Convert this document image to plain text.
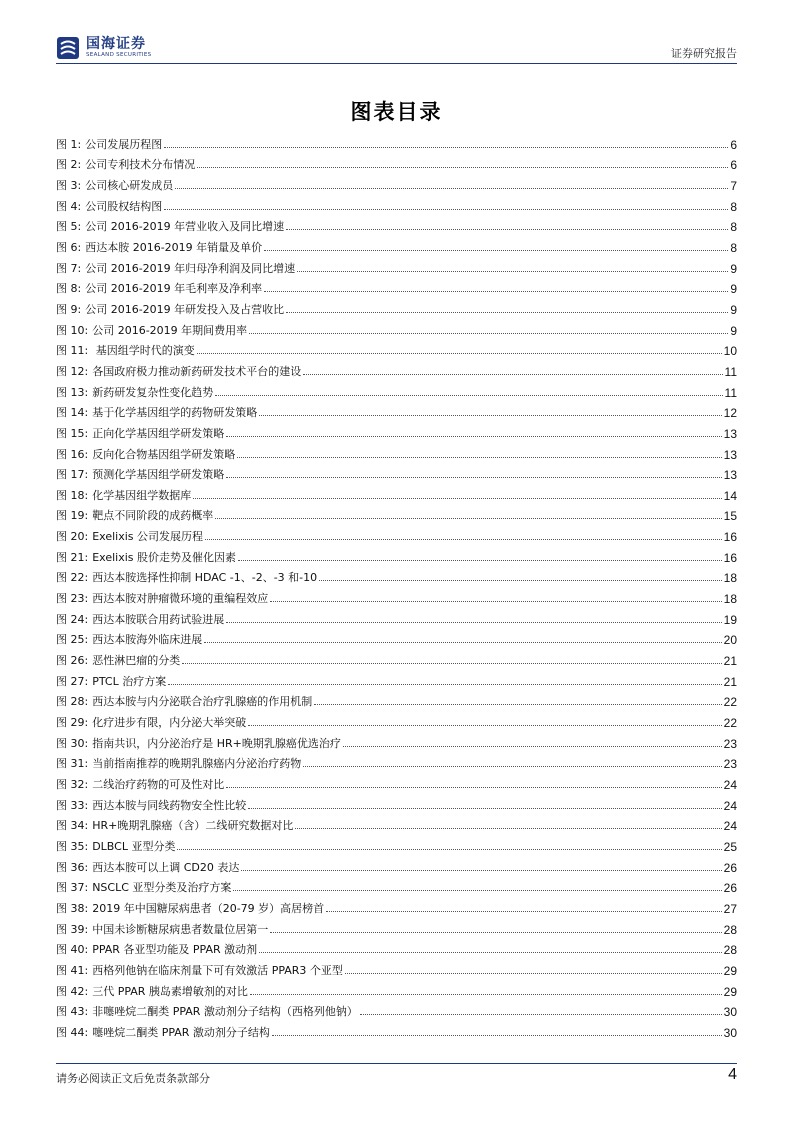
国海证券
SEALAND SECURITIES	证券研究报告
图表目录
图 1: 公司发展历程图	6
图 2: 公司专利技术分布情况	6
图 3: 公司核心研发成员	7
图 4: 公司股权结构图	8
图 5: 公司 2016-2019 年营业收入及同比增速	8
图 6: 西达本胺 2016-2019 年销量及单价	8
图 7: 公司 2016-2019 年归母净利润及同比增速	9
图 8: 公司 2016-2019 年毛利率及净利率	9
图 9: 公司 2016-2019 年研发投入及占营收比	9
图 10: 公司 2016-2019 年期间费用率	9
图 11: 基因组学时代的演变	10
图 12: 各国政府极力推动新药研发技术平台的建设	11
图 13: 新药研发复杂性变化趋势	11
图 14: 基于化学基因组学的药物研发策略	12
图 15: 正向化学基因组学研发策略	13
图 16: 反向化合物基因组学研发策略	13
图 17: 预测化学基因组学研发策略	13
图 18: 化学基因组学数据库	14
图 19: 靶点不同阶段的成药概率	15
图 20: Exelixis 公司发展历程	16
图 21: Exelixis 股价走势及催化因素	16
图 22: 西达本胺选择性抑制 HDAC -1、-2、-3 和-10	18
图 23: 西达本胺对肿瘤微环境的重编程效应	18
图 24: 西达本胺联合用药试验进展	19
图 25: 西达本胺海外临床进展	20
图 26: 恶性淋巴瘤的分类	21
图 27: PTCL 治疗方案	21
图 28: 西达本胺与内分泌联合治疗乳腺癌的作用机制	22
图 29: 化疗进步有限，内分泌大举突破	22
图 30: 指南共识，内分泌治疗是 HR+晚期乳腺癌优选治疗	23
图 31: 当前指南推荐的晚期乳腺癌内分泌治疗药物	23
图 32: 二线治疗药物的可及性对比	24
图 33: 西达本胺与同线药物安全性比较	24
图 34: HR+晚期乳腺癌（含）二线研究数据对比	24
图 35: DLBCL 亚型分类	25
图 36: 西达本胺可以上调 CD20 表达	26
图 37: NSCLC 亚型分类及治疗方案	26
图 38: 2019 年中国糖尿病患者（20-79 岁）高居榜首	27
图 39: 中国未诊断糖尿病患者数量位居第一	28
图 40: PPAR 各亚型功能及 PPAR 激动剂	28
图 41: 西格列他钠在临床剂量下可有效激活 PPAR3 个亚型	29
图 42: 三代 PPAR 胰岛素增敏剂的对比	29
图 43: 非噻唑烷二酮类 PPAR 激动剂分子结构（西格列他钠）	30
图 44: 噻唑烷二酮类 PPAR 激动剂分子结构	30
请务必阅读正文后免责条款部分	4
